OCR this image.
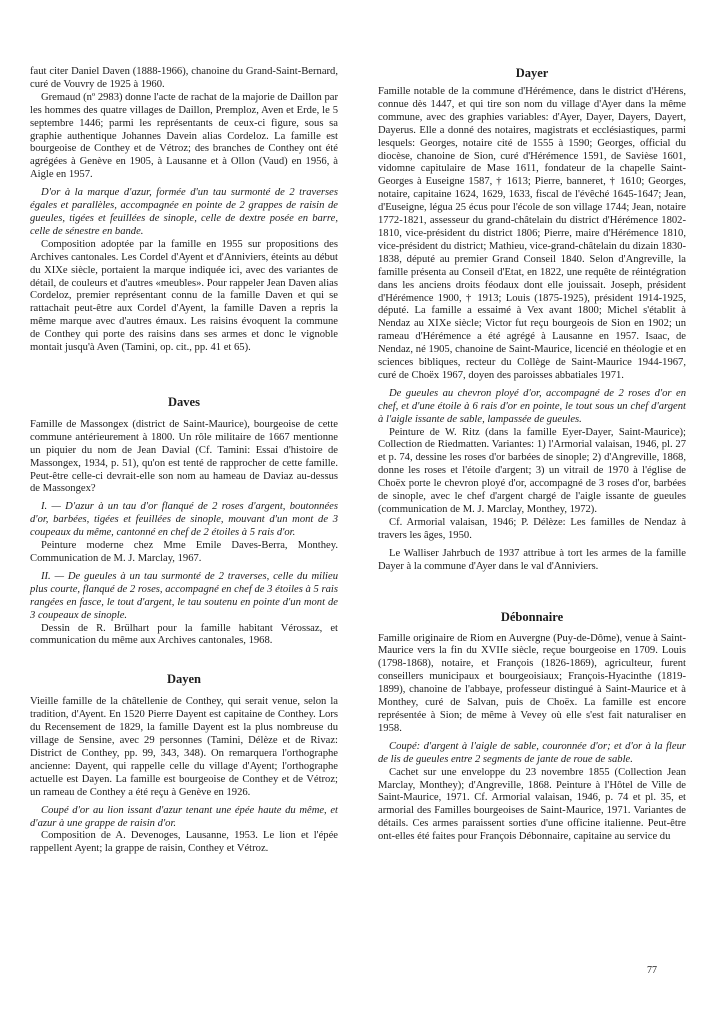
faut citer Daniel Daven (1888-1966), chanoine du Grand-Saint-Bernard, curé de Vouvry de 1925 à 1960.

Gremaud (nº 2983) donne l'acte de rachat de la majorie de Daillon par les hommes des quatre villages de Daillon, Premploz, Aven et Erde, le 5 septembre 1446; parmi les représentants de ceux-ci figure, sous sa graphie authentique Johannes Davein alias Cordeloz. La famille est bourgeoise de Conthey et de Vétroz; des branches de Conthey ont été agrégées à Genève en 1905, à Lausanne et à Ollon (Vaud) en 1956, à Aigle en 1957.

D'or à la marque d'azur, formée d'un tau surmonté de 2 traverses égales et parallèles, accompagnée en pointe de 2 grappes de raisin de gueules, tigées et feuillées de sinople, celle de dextre posée en barre, celle de sénestre en bande.

Composition adoptée par la famille en 1955 sur propositions des Archives cantonales. Les Cordel d'Ayent et d'Anniviers, éteints au début du XIXe siècle, portaient la marque indiquée ici, avec des variantes de détail, de couleurs et d'autres «meubles». Pour rappeler Jean Daven alias Cordeloz, premier représentant connu de la famille Daven et qui se rattachait peut-être aux Cordel d'Ayent, la famille Daven a repris la même marque avec d'autres émaux. Les raisins évoquent la commune de Conthey qui porte des raisins dans ses armes et donc le vignoble montait jusqu'à Aven (Tamini, op. cit., pp. 41 et 65).

Daves

Famille de Massongex (district de Saint-Maurice), bourgeoise de cette commune antérieurement à 1800. Un rôle militaire de 1667 mentionne un piquier du nom de Jean Davial (Cf. Tamini: Essai d'histoire de Massongex, 1934, p. 51), qu'on est tenté de rapprocher de cette famille. Peut-être celle-ci devrait-elle son nom au hameau de Daviaz au-dessus de Massongex?

I. — D'azur à un tau d'or flanqué de 2 roses d'argent, boutonnées d'or, barbées, tigées et feuillées de sinople, mouvant d'un mont de 3 coupeaux du même, cantonné en chef de 2 étoiles à 5 rais d'or.

Peinture moderne chez Mme Emile Daves-Berra, Monthey. Communication de M. J. Marclay, 1967.

II. — De gueules à un tau surmonté de 2 traverses, celle du milieu plus courte, flanqué de 2 roses, accompagné en chef de 3 étoiles à 5 rais rangées en fasce, le tout d'argent, le tau soutenu en pointe d'un mont de 3 coupeaux de sinople.

Dessin de R. Brülhart pour la famille habitant Vérossaz, et communication du même aux Archives cantonales, 1968.

Dayen

Vieille famille de la châtellenie de Conthey, qui serait venue, selon la tradition, d'Ayent. En 1520 Pierre Dayent est capitaine de Conthey. Lors du Recensement de 1829, la famille Dayent est la plus nombreuse du village de Sensine, avec 29 personnes (Tamini, Délèze et de Rivaz: District de Conthey, pp. 99, 343, 348). On remarquera l'orthographe ancienne: Dayent, qui rappelle celle du village d'Ayent; l'orthographe actuelle est Dayen. La famille est bourgeoise de Conthey et de Vétroz; un rameau de Conthey a été reçu à Genève en 1926.

Coupé d'or au lion issant d'azur tenant une épée haute du même, et d'azur à une grappe de raisin d'or.

Composition de A. Devenoges, Lausanne, 1953. Le lion et l'épée rappellent Ayent; la grappe de raisin, Conthey et Vétroz.

Dayer

Famille notable de la commune d'Hérémence, dans le district d'Hérens, connue dès 1447, et qui tire son nom du village d'Ayer dans la même commune, avec des graphies variables: d'Ayer, Dayer, Dayers, Dayert, Dayerus. Elle a donné des notaires, magistrats et ecclésiastiques, parmi lesquels: Georges, notaire cité de 1555 à 1590; Georges, official du diocèse, chanoine de Sion, curé d'Hérémence 1591, de Savièse 1601, vidomne capitulaire de Mase 1611, fondateur de la chapelle Saint-Georges à Euseigne 1587, † 1613; Pierre, banneret, † 1610; Georges, notaire, capitaine 1624, 1629, 1633, fiscal de l'évêché 1645-1647; Jean, d'Euseigne, légua 25 écus pour l'école de son village 1744; Jean, notaire 1772-1821, assesseur du grand-châtelain du district d'Hérémence 1802-1810, vice-président du district 1806; Pierre, maire d'Hérémence 1810, vice-président du district; Mathieu, vice-grand-châtelain du dizain 1830-1838, député au premier Grand Conseil 1840. Selon d'Angreville, la famille présenta au Conseil d'Etat, en 1822, une requête de réintégration dans les anciens droits féodaux dont elle jouissait. Joseph, président d'Hérémence 1900, † 1913; Louis (1875-1925), président 1914-1925, député. La famille a essaimé à Vex avant 1800; Michel s'établit à Nendaz au XIXe siècle; Victor fut reçu bourgeois de Sion en 1902; un rameau d'Hérémence a été agrégé à Lausanne en 1957. Isaac, de Nendaz, né 1905, chanoine de Saint-Maurice, licencié en théologie et en sciences bibliques, recteur du Collège de Saint-Maurice 1944-1967, curé de Choëx 1967, doyen des paroisses abbatiales 1971.

De gueules au chevron ployé d'or, accompagné de 2 roses d'or en chef, et d'une étoile à 6 rais d'or en pointe, le tout sous un chef d'argent à l'aigle issante de sable, lampassée de gueules.

Peinture de W. Ritz (dans la famille Eyer-Dayer, Saint-Maurice); Collection de Riedmatten. Variantes: 1) l'Armorial valaisan, 1946, pl. 27 et p. 74, dessine les roses d'or barbées de sinople; 2) d'Angreville, 1868, donne les roses et l'étoile d'argent; 3) un vitrail de 1970 à l'église de Choëx porte le chevron ployé d'or, accompagné de 3 roses d'or, barbées de sinople, avec le chef d'argent chargé de l'aigle issante de gueules (communication de M. J. Marclay, Monthey, 1972).

Cf. Armorial valaisan, 1946; P. Délèze: Les familles de Nendaz à travers les âges, 1950.

Le Walliser Jahrbuch de 1937 attribue à tort les armes de la famille Dayer à la commune d'Ayer dans le val d'Anniviers.

Débonnaire

Famille originaire de Riom en Auvergne (Puy-de-Dôme), venue à Saint-Maurice vers la fin du XVIIe siècle, reçue bourgeoise en 1709. Louis (1798-1868), notaire, et François (1826-1869), agriculteur, furent conseillers municipaux et bourgeoisiaux; François-Hyacinthe (1819-1899), chanoine de l'abbaye, professeur distingué à Saint-Maurice et à Monthey, curé de Salvan, puis de Choëx. La famille est encore représentée à Sion; de même à Vevey où elle s'est fait naturaliser en 1958.

Coupé: d'argent à l'aigle de sable, couronnée d'or; et d'or à la fleur de lis de gueules entre 2 segments de jante de roue de sable.

Cachet sur une enveloppe du 23 novembre 1855 (Collection Jean Marclay, Monthey); d'Angreville, 1868. Peinture à l'Hôtel de Ville de Saint-Maurice, 1971. Cf. Armorial valaisan, 1946, p. 74 et pl. 35, et armorial des Familles bourgeoises de Saint-Maurice, 1971. Variantes de détails. Ces armes paraissent sorties d'une officine italienne. Peut-être ont-elles été faites pour François Débonnaire, capitaine au service du

77
